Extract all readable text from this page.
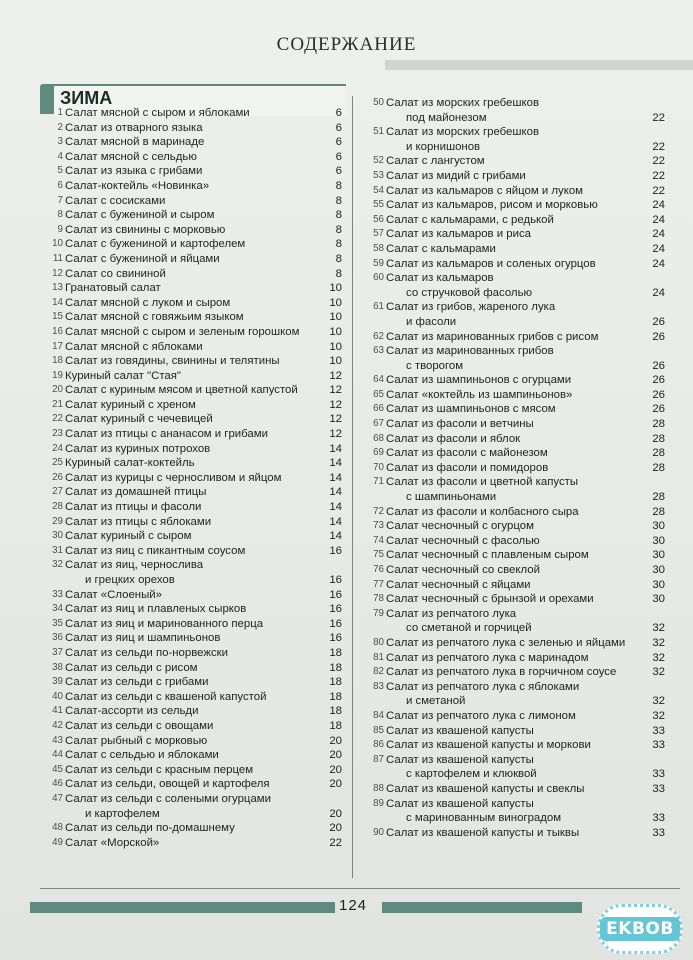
СОДЕРЖАНИЕ
ЗИМА
1 Салат мясной с сыром и яблоками	6
2 Салат из отварного языка	6
3 Салат мясной в маринаде	6
4 Салат мясной с сельдью	6
5 Салат из языка с грибами	6
6 Салат-коктейль «Новинка»	8
7 Салат с сосисками	8
8 Салат с бужениной и сыром	8
9 Салат из свинины с морковью	8
10 Салат с бужениной и картофелем	8
11 Салат с бужениной и яйцами	8
12 Салат со свининой	8
13 Гранатовый салат	10
14 Салат мясной с луком и сыром	10
15 Салат мясной с говяжьим языком	10
16 Салат мясной с сыром и зеленым горошком	10
17 Салат мясной с яблоками	10
18 Салат из говядины, свинины и телятины	10
19 Куриный салат "Стая"	12
20 Салат с куриным мясом и цветной капустой	12
21 Салат куриный с хреном	12
22 Салат куриный с чечевицей	12
23 Салат из птицы с ананасом и грибами	12
24 Салат из куриных потрохов	14
25 Куриный салат-коктейль	14
26 Салат из курицы с черносливом и яйцом	14
27 Салат из домашней птицы	14
28 Салат из птицы и фасоли	14
29 Салат из птицы с яблоками	14
30 Салат куриный с сыром	14
31 Салат из яиц с пикантным соусом	16
32 Салат из яиц, чернослива
и грецких орехов	16
33 Салат «Слоеный»	16
34 Салат из яиц и плавленых сырков	16
35 Салат из яиц и маринованного перца	16
36 Салат из яиц и шампиньонов	16
37 Салат из сельди по-норвежски	18
38 Салат из сельди с рисом	18
39 Салат из сельди с грибами	18
40 Салат из сельди с квашеной капустой	18
41 Салат-ассорти из сельди	18
42 Салат из сельди с овощами	18
43 Салат рыбный с морковью	20
44 Салат с сельдью и яблоками	20
45 Салат из сельди с красным перцем	20
46 Салат из сельди, овощей и картофеля	20
47 Салат из сельди с солеными огурцами
и картофелем	20
48 Салат из сельди по-домашнему	20
49 Салат «Морской»	22
50 Салат из морских гребешков
под майонезом	22
51 Салат из морских гребешков
и корнишонов	22
52 Салат с лангустом	22
53 Салат из мидий с грибами	22
54 Салат из кальмаров с яйцом и луком	22
55 Салат из кальмаров, рисом и морковью	24
56 Салат с кальмарами, с редькой	24
57 Салат из кальмаров и риса	24
58 Салат с кальмарами	24
59 Салат из кальмаров и соленых огурцов	24
60 Салат из кальмаров
со стручковой фасолью	24
61 Салат из грибов, жареного лука
и фасоли	26
62 Салат из маринованных грибов с рисом	26
63 Салат из маринованных грибов
с творогом	26
64 Салат из шампиньонов с огурцами	26
65 Салат «коктейль из шампиньонов»	26
66 Салат из шампиньонов с мясом	26
67 Салат из фасоли и ветчины	28
68 Салат из фасоли и яблок	28
69 Салат из фасоли с майонезом	28
70 Салат из фасоли и помидоров	28
71 Салат из фасоли и цветной капусты
с шампиньонами	28
72 Салат из фасоли и колбасного сыра	28
73 Салат чесночный с огурцом	30
74 Салат чесночный с фасолью	30
75 Салат чесночный с плавленым сыром	30
76 Салат чесночный со свеклой	30
77 Салат чесночный с яйцами	30
78 Салат чесночный с брынзой и орехами	30
79 Салат из репчатого лука
со сметаной и горчицей	32
80 Салат из репчатого лука с зеленью и яйцами	32
81 Салат из репчатого лука с маринадом	32
82 Салат из репчатого лука в горчичном соусе	32
83 Салат из репчатого лука с яблоками
и сметаной	32
84 Салат из репчатого лука с лимоном	32
85 Салат из квашеной капусты	33
86 Салат из квашеной капусты и моркови	33
87 Салат из квашеной капусты
с картофелем и клюквой	33
88 Салат из квашеной капусты и свеклы	33
89 Салат из квашеной капусты
с маринованным виноградом	33
90 Салат из квашеной капусты и тыквы	33
124
EKBOB
